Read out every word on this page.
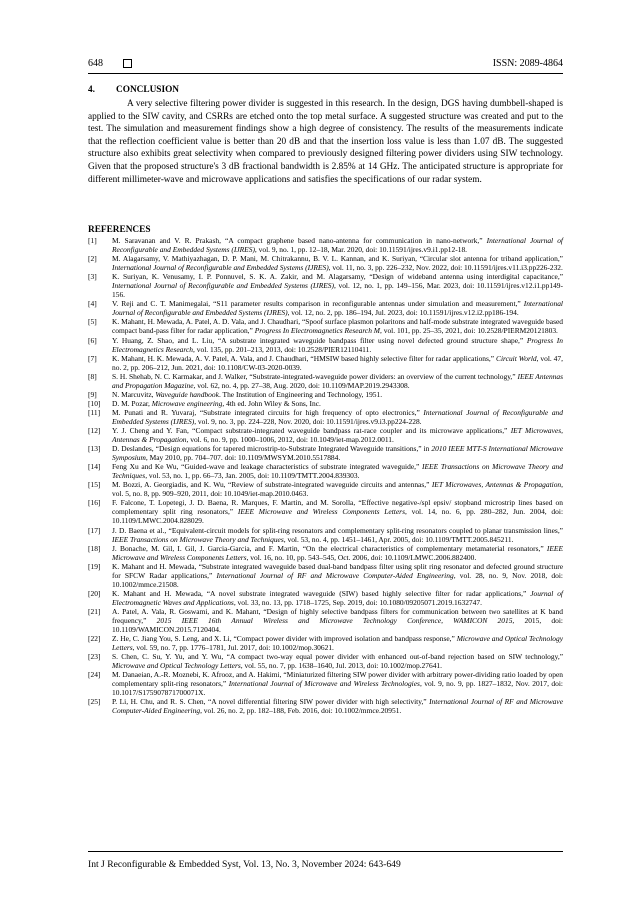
648	ISSN: 2089-4864
4. CONCLUSION

A very selective filtering power divider is suggested in this research. In the design, DGS having dumbbell-shaped is applied to the SIW cavity, and CSRRs are etched onto the top metal surface. A suggested structure was created and put to the test. The simulation and measurement findings show a high degree of consistency. The results of the measurements indicate that the reflection coefficient value is better than 20 dB and that the insertion loss value is less than 1.07 dB. The suggested structure also exhibits great selectivity when compared to previously designed filtering power dividers using SIW technology. Given that the proposed structure's 3 dB fractional bandwidth is 2.85% at 14 GHz. The anticipated structure is appropriate for different millimeter-wave and microwave applications and satisfies the specifications of our radar system.

REFERENCES
[1]	M. Saravanan and V. R. Prakash, “A compact graphene based nano-antenna for communication in nano-network,” International Journal of Reconfigurable and Embedded Systems (IJRES), vol. 9, no. 1, pp. 12–18, Mar. 2020, doi: 10.11591/ijres.v9.i1.pp12-18.
[2]	M. Alagarsamy, V. Mathiyazhagan, D. P. Mani, M. Chitrakannu, B. V. L. Kannan, and K. Suriyan, “Circular slot antenna for triband application,” International Journal of Reconfigurable and Embedded Systems (IJRES), vol. 11, no. 3, pp. 226–232, Nov. 2022, doi: 10.11591/ijres.v11.i3.pp226-232.
[3]	K. Suriyan, K. Venusamy, I. P. Ponnuvel, S. K. A. Zakir, and M. Alagarsamy, “Design of wideband antenna using interdigital capacitance,” International Journal of Reconfigurable and Embedded Systems (IJRES), vol. 12, no. 1, pp. 149–156, Mar. 2023, doi: 10.11591/ijres.v12.i1.pp149-156.
[4]	V. Reji and C. T. Manimegalai, “S11 parameter results comparison in reconfigurable antennas under simulation and measurement,” International Journal of Reconfigurable and Embedded Systems (IJRES), vol. 12, no. 2, pp. 186–194, Jul. 2023, doi: 10.11591/ijres.v12.i2.pp186-194.
[5]	K. Mahant, H. Mewada, A. Patel, A. D. Vala, and J. Chaudhari, “Spoof surface plasmon polaritons and half-mode substrate integrated waveguide based compact band-pass filter for radar application,” Progress In Electromagnetics Research M, vol. 101, pp. 25–35, 2021, doi: 10.2528/PIERM20121803.
[6]	Y. Huang, Z. Shao, and L. Liu, “A substrate integrated waveguide bandpass filter using novel defected ground structure shape,” Progress In Electromagnetics Research, vol. 135, pp. 201–213, 2013, doi: 10.2528/PIER12110411.
[7]	K. Mahant, H. K. Mewada, A. V. Patel, A. Vala, and J. Chaudhari, “HMSIW based highly selective filter for radar applications,” Circuit World, vol. 47, no. 2, pp. 206–212, Jun. 2021, doi: 10.1108/CW-03-2020-0039.
[8]	S. H. Shehab, N. C. Karmakar, and J. Walker, “Substrate-integrated-waveguide power dividers: an overview of the current technology,” IEEE Antennas and Propagation Magazine, vol. 62, no. 4, pp. 27–38, Aug. 2020, doi: 10.1109/MAP.2019.2943308.
[9]	N. Marcuvitz, Waveguide handbook. The Institution of Engineering and Technology, 1951.
[10]	D. M. Pozar, Microwave engineering, 4th ed. John Wiley & Sons, Inc.
[11]	M. Punati and R. Yuvaraj, “Substrate integrated circuits for high frequency of opto electronics,” International Journal of Reconfigurable and Embedded Systems (IJRES), vol. 9, no. 3, pp. 224–228, Nov. 2020, doi: 10.11591/ijres.v9.i3.pp224-228.
[12]	Y. J. Cheng and Y. Fan, “Compact substrate-integrated waveguide bandpass rat-race coupler and its microwave applications,” IET Microwaves, Antennas & Propagation, vol. 6, no. 9, pp. 1000–1006, 2012, doi: 10.1049/iet-map.2012.0011.
[13]	D. Deslandes, “Design equations for tapered microstrip-to-Substrate Integrated Waveguide transitions,” in 2010 IEEE MTT-S International Microwave Symposium, May 2010, pp. 704–707. doi: 10.1109/MWSYM.2010.5517884.
[14]	Feng Xu and Ke Wu, “Guided-wave and leakage characteristics of substrate integrated waveguide,” IEEE Transactions on Microwave Theory and Techniques, vol. 53, no. 1, pp. 66–73, Jan. 2005, doi: 10.1109/TMTT.2004.839303.
[15]	M. Bozzi, A. Georgiadis, and K. Wu, “Review of substrate-integrated waveguide circuits and antennas,” IET Microwaves, Antennas & Propagation, vol. 5, no. 8, pp. 909–920, 2011, doi: 10.1049/iet-map.2010.0463.
[16]	F. Falcone, T. Lopetegi, J. D. Baena, R. Marques, F. Martin, and M. Sorolla, “Effective negative-/spl epsiv/ stopband microstrip lines based on complementary split ring resonators,” IEEE Microwave and Wireless Components Letters, vol. 14, no. 6, pp. 280–282, Jun. 2004, doi: 10.1109/LMWC.2004.828029.
[17]	J. D. Baena et al., “Equivalent-circuit models for split-ring resonators and complementary split-ring resonators coupled to planar transmission lines,” IEEE Transactions on Microwave Theory and Techniques, vol. 53, no. 4, pp. 1451–1461, Apr. 2005, doi: 10.1109/TMTT.2005.845211.
[18]	J. Bonache, M. Gil, I. Gil, J. Garcia-Garcia, and F. Martin, “On the electrical characteristics of complementary metamaterial resonators,” IEEE Microwave and Wireless Components Letters, vol. 16, no. 10, pp. 543–545, Oct. 2006, doi: 10.1109/LMWC.2006.882400.
[19]	K. Mahant and H. Mewada, “Substrate integrated waveguide based dual-band bandpass filter using split ring resonator and defected ground structure for SFCW Radar applications,” International Journal of RF and Microwave Computer-Aided Engineering, vol. 28, no. 9, Nov. 2018, doi: 10.1002/mmce.21508.
[20]	K. Mahant and H. Mewada, “A novel substrate integrated waveguide (SIW) based highly selective filter for radar applications,” Journal of Electromagnetic Waves and Applications, vol. 33, no. 13, pp. 1718–1725, Sep. 2019, doi: 10.1080/09205071.2019.1632747.
[21]	A. Patel, A. Vala, R. Goswami, and K. Mahant, “Design of highly selective bandpass filters for communication between two satellites at K band frequency,” 2015 IEEE 16th Annual Wireless and Microwave Technology Conference, WAMICON 2015, 2015, doi: 10.1109/WAMICON.2015.7120404.
[22]	Z. He, C. Jiang You, S. Leng, and X. Li, “Compact power divider with improved isolation and bandpass response,” Microwave and Optical Technology Letters, vol. 59, no. 7, pp. 1776–1781, Jul. 2017, doi: 10.1002/mop.30621.
[23]	S. Chen, C. Su, Y. Yu, and Y. Wu, “A compact two-way equal power divider with enhanced out-of-band rejection based on SIW technology,” Microwave and Optical Technology Letters, vol. 55, no. 7, pp. 1638–1640, Jul. 2013, doi: 10.1002/mop.27641.
[24]	M. Danaeian, A.-R. Moznebi, K. Afrooz, and A. Hakimi, “Miniaturized filtering SIW power divider with arbitrary power-dividing ratio loaded by open complementary split-ring resonators,” International Journal of Microwave and Wireless Technologies, vol. 9, no. 9, pp. 1827–1832, Nov. 2017, doi: 10.1017/S175907871700071X.
[25]	P. Li, H. Chu, and R. S. Chen, “A novel differential filtering SIW power divider with high selectivity,” International Journal of RF and Microwave Computer-Aided Engineering, vol. 26, no. 2, pp. 182–188, Feb. 2016, doi: 10.1002/mmce.20951.
Int J Reconfigurable & Embedded Syst, Vol. 13, No. 3, November 2024: 643-649
